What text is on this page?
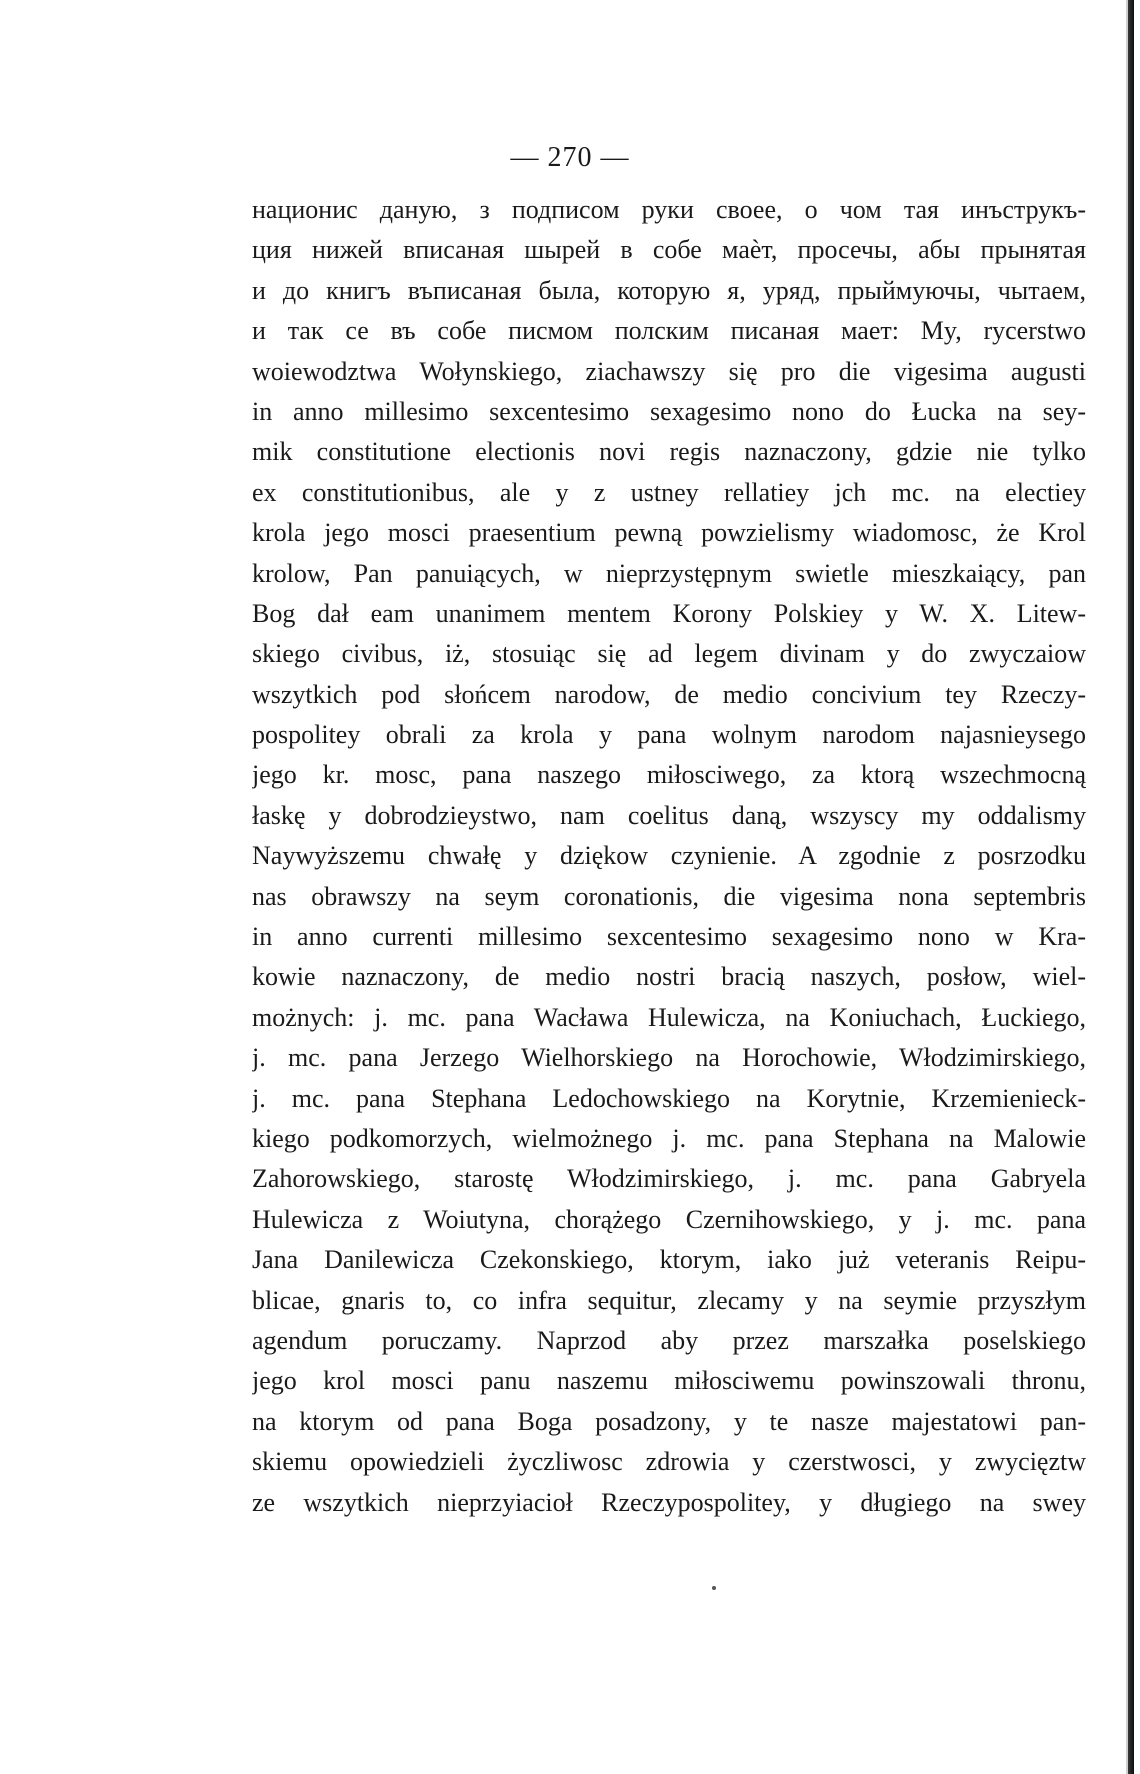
— 270 —
национис даную, з подписом руки своее, о чом тая инъструкъ-
ция нижей вписаная шырей в собе маѐт, просечы, абы прынятая
и до книгъ въписаная была, которую я, уряд, прыймуючы, чытаем,
и так се въ собе писмом полским писаная мает: My, rycerstwo
woiewodztwa Wołynskiego, ziachawszy się pro die vigesima augusti
in anno millesimo sexcentesimo sexagesimo nono do Łucka na sey-
mik constitutione electionis novi regis naznaczony, gdzie nie tylko
ex constitutionibus, ale y z ustney rellatiey jch mc. na electiey
krola jego mosci praesentium pewną powzielismy wiadomosc, że Krol
krolow, Pan panuiących, w nieprzystępnym swietle mieszkaiący, pan
Bog dał eam unanimem mentem Korony Polskiey y W. X. Litew-
skiego civibus, iż, stosuiąc się ad legem divinam y do zwyczaiow
wszytkich pod słońcem narodow, de medio concivium tey Rzeczy-
pospolitey obrali za krola y pana wolnym narodom najasnieysego
jego kr. mosc, pana naszego miłosciwego, za ktorą wszechmocną
łaskę y dobrodzieystwo, nam coelitus daną, wszyscy my oddalismy
Naywyższemu chwałę y dziękow czynienie. A zgodnie z posrzodku
nas obrawszy na seym coronationis, die vigesima nona septembris
in anno currenti millesimo sexcentesimo sexagesimo nono w Kra-
kowie naznaczony, de medio nostri bracią naszych, posłow, wiel-
możnych: j. mc. pana Wacława Hulewicza, na Koniuchach, Łuckiego,
j. mc. pana Jerzego Wielhorskiego na Horochowie, Włodzimirskiego,
j. mc. pana Stephana Ledochowskiego na Korytnie, Krzemienieck-
kiego podkomorzych, wielmożnego j. mc. pana Stephana na Malowie
Zahorowskiego, starostę Włodzimirskiego, j. mc. pana Gabryela
Hulewicza z Woiutyna, chorążego Czernihowskiego, y j. mc. pana
Jana Danilewicza Czekonskiego, ktorym, iako już veteranis Reipu-
blicae, gnaris to, co infra sequitur, zlecamy y na seymie przyszłym
agendum poruczamy. Naprzod aby przez marszałka poselskiego
jego krol mosci panu naszemu miłosciwemu powinszowali thronu,
na ktorym od pana Boga posadzony, y te nasze majestatowi pan-
skiemu opowiedzieli życzliwosc zdrowia y czerstwosci, y zwycięztw
ze wszytkich nieprzyiacioł Rzeczypospolitey, y długiego na swey
